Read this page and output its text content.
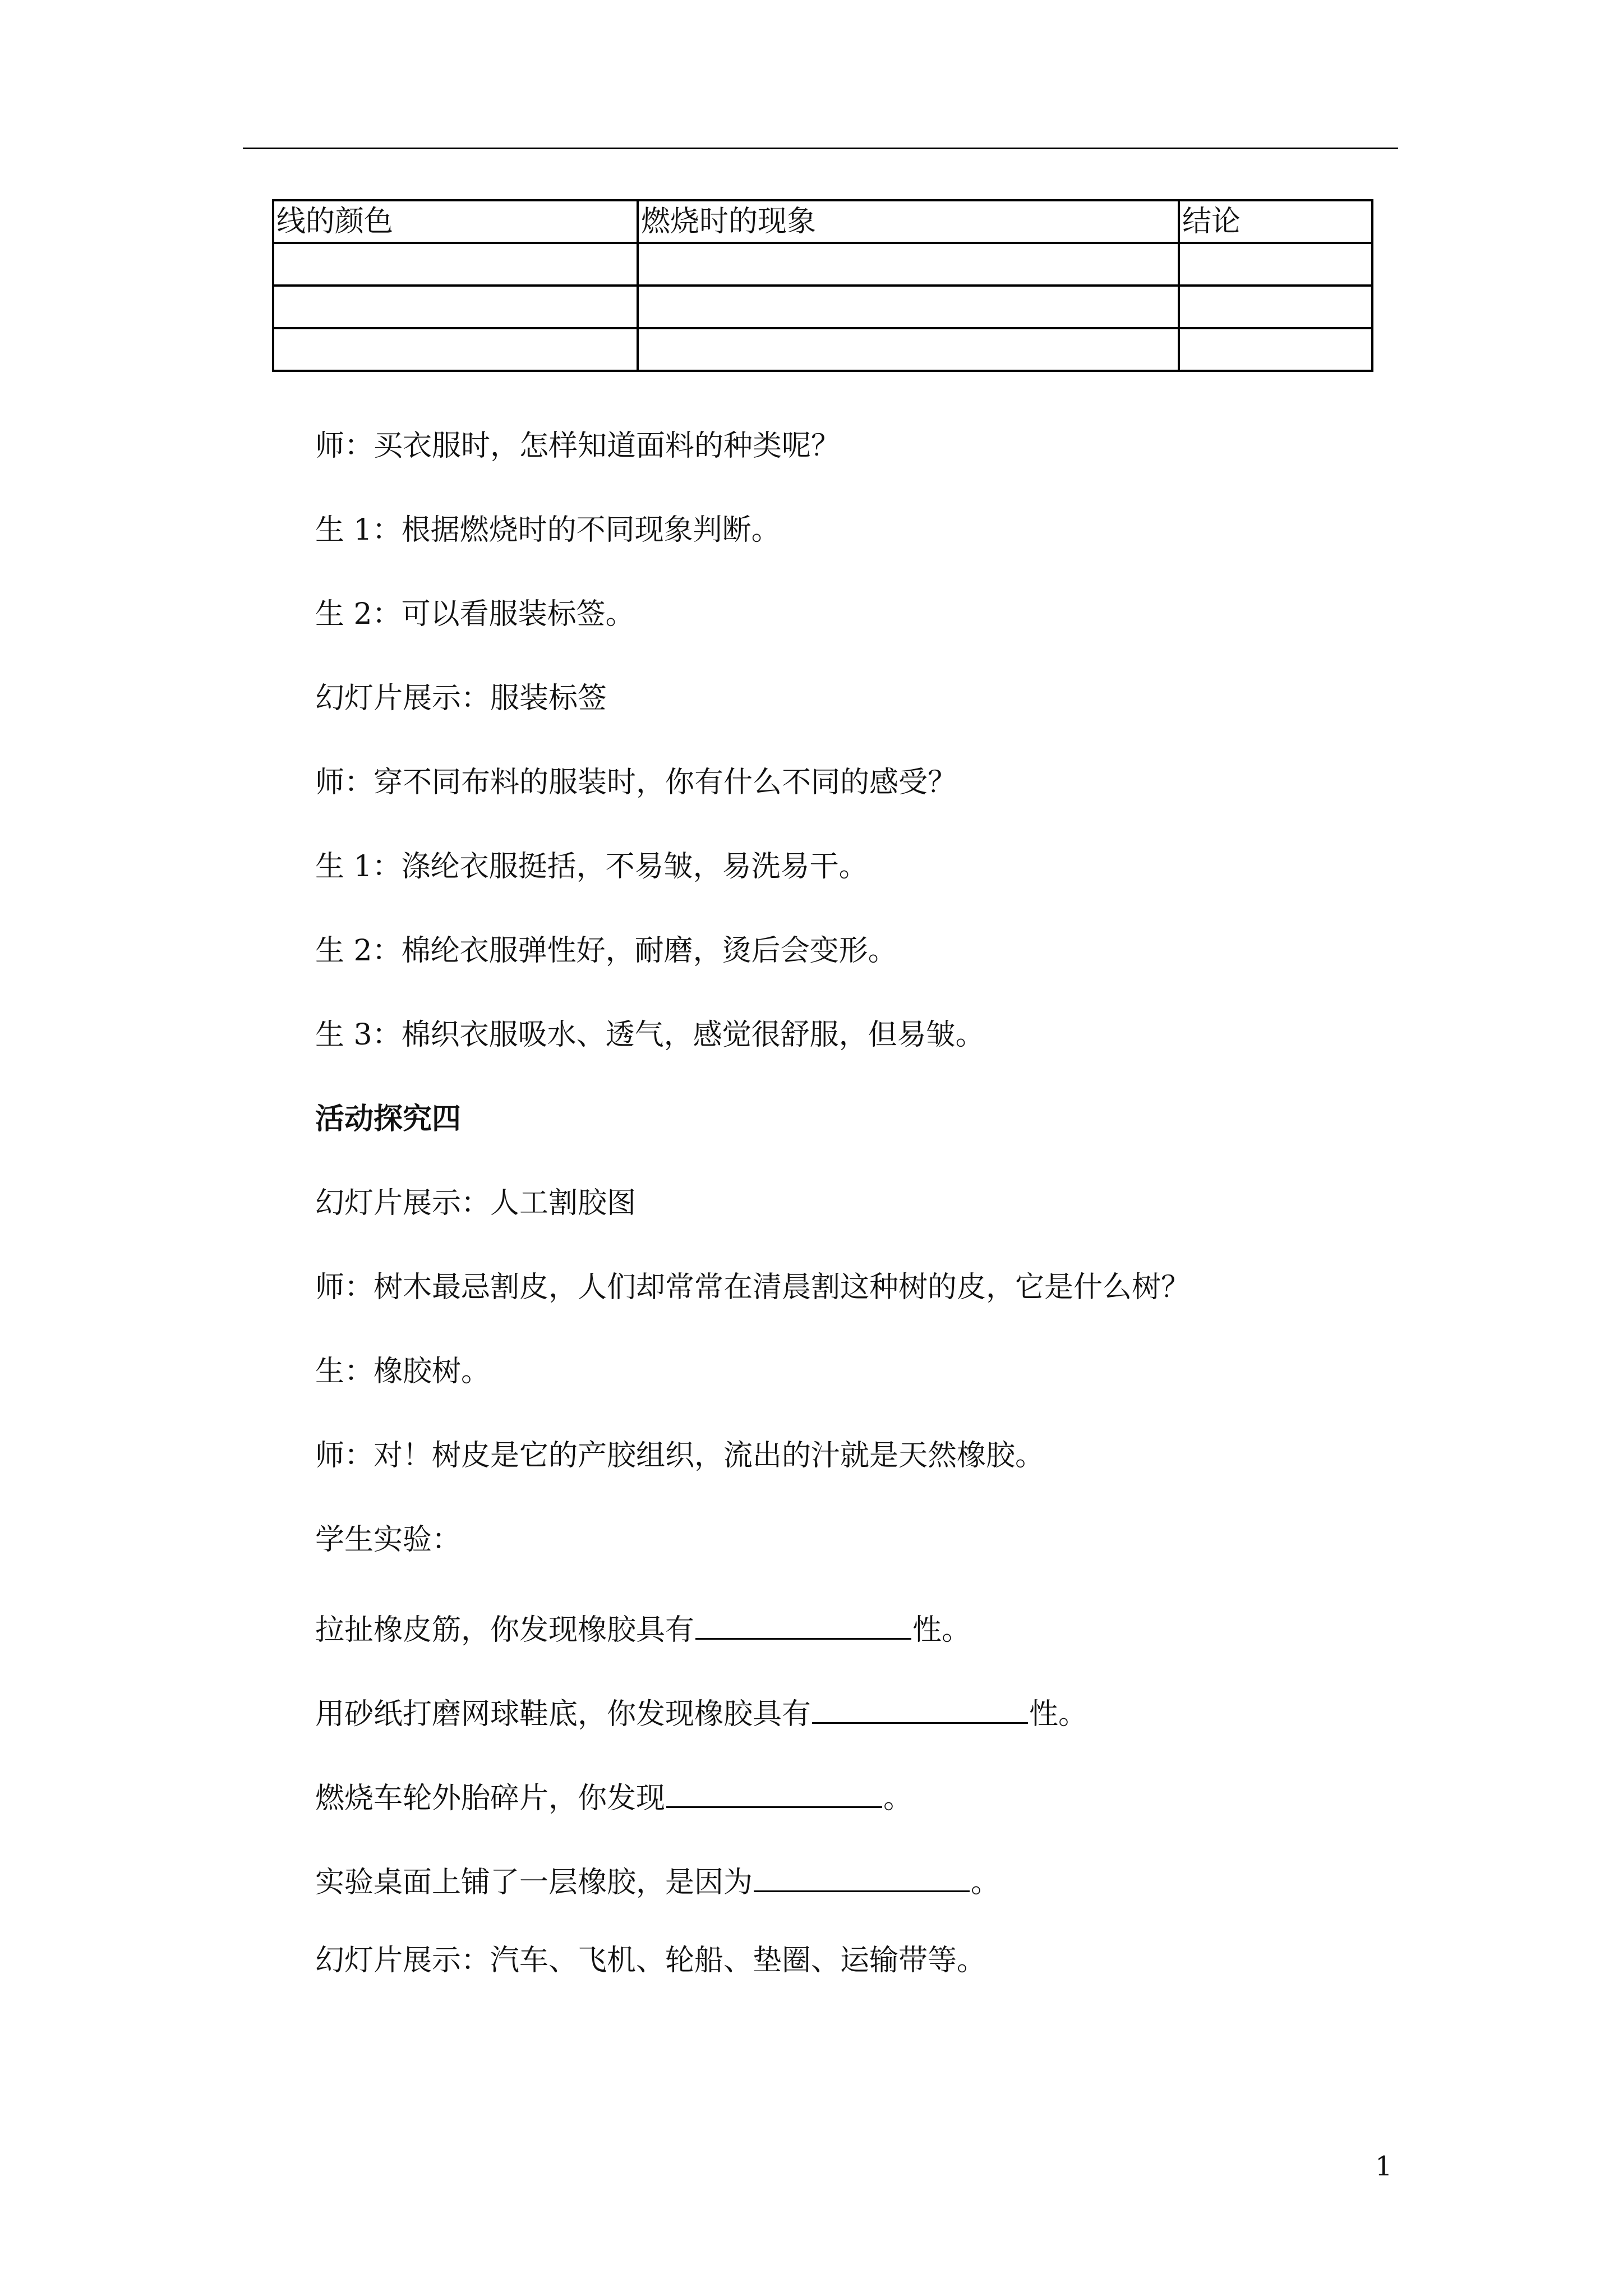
线的颜色	燃烧时的现象	结论

师：买衣服时，怎样知道面料的种类呢？
生 1：根据燃烧时的不同现象判断。
生 2：可以看服装标签。
幻灯片展示：服装标签
师：穿不同布料的服装时，你有什么不同的感受？
生 1：涤纶衣服挺括，不易皱，易洗易干。
生 2：棉纶衣服弹性好，耐磨，烫后会变形。
生 3：棉织衣服吸水、透气，感觉很舒服，但易皱。
活动探究四
幻灯片展示：人工割胶图
师：树木最忌割皮，人们却常常在清晨割这种树的皮，它是什么树？
生：橡胶树。
师：对！树皮是它的产胶组织，流出的汁就是天然橡胶。
学生实验：
拉扯橡皮筋，你发现橡胶具有	性。
用砂纸打磨网球鞋底，你发现橡胶具有	性。
燃烧车轮外胎碎片，你发现	。
实验桌面上铺了一层橡胶，是因为	。
幻灯片展示：汽车、飞机、轮船、垫圈、运输带等。
1
